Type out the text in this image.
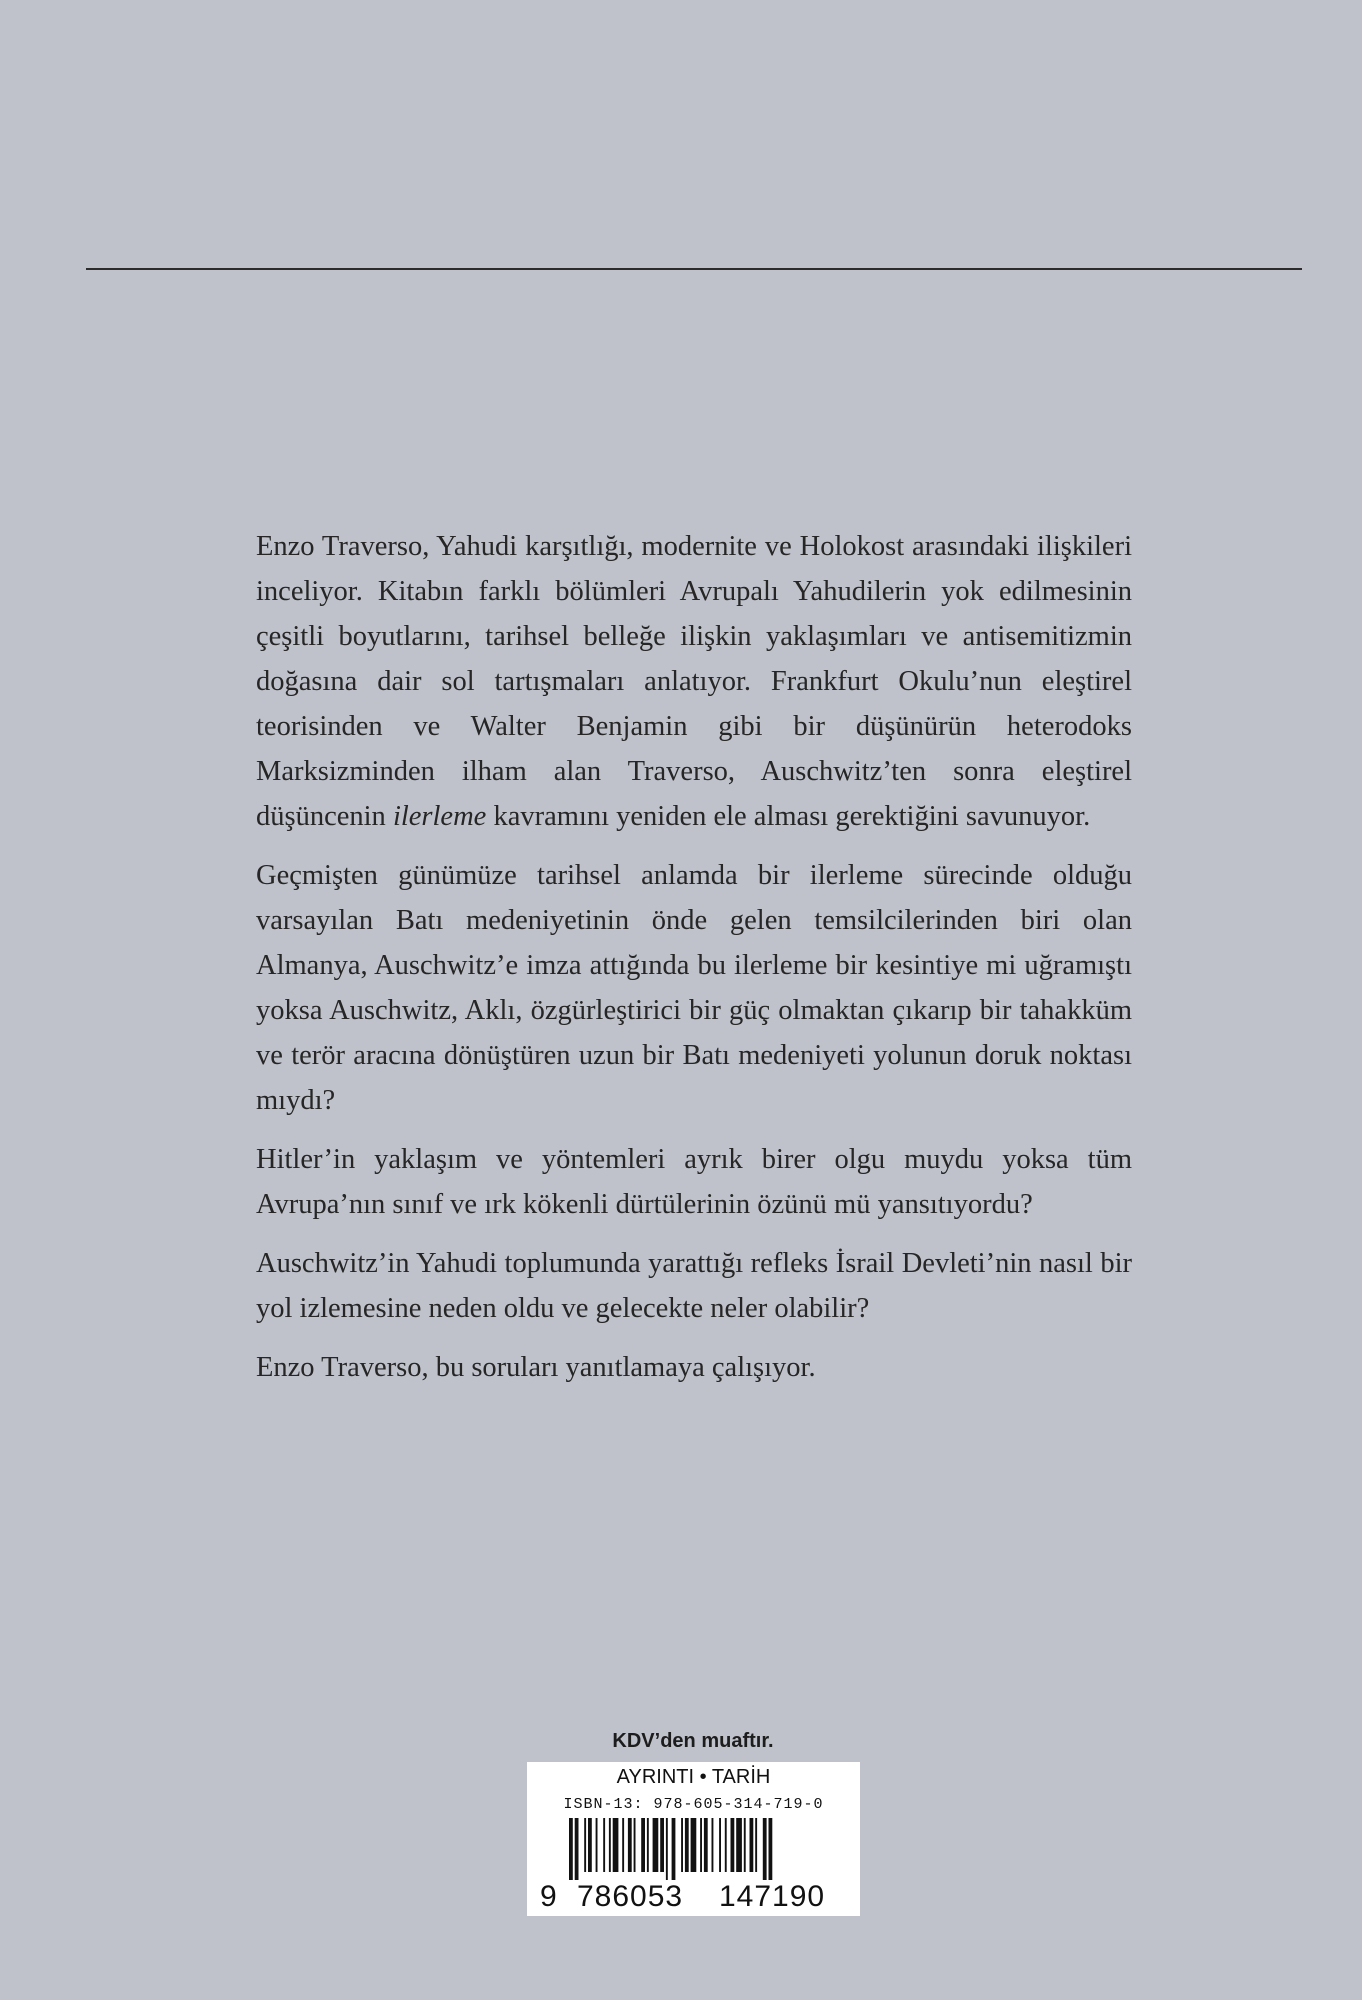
Enzo Traverso, Yahudi karşıtlığı, modernite ve Holokost arasındaki ilişkileri inceliyor. Kitabın farklı bölümleri Avrupalı Yahudilerin yok edilmesinin çeşitli boyutlarını, tarihsel belleğe ilişkin yaklaşımları ve antisemitizmin doğasına dair sol tartışmaları anlatıyor. Frankfurt Okulu’nun eleştirel teorisinden ve Walter Benjamin gibi bir düşünürün heterodoks Marksizminden ilham alan Traverso, Auschwitz’ten sonra eleştirel düşüncenin ilerleme kavramını yeniden ele alması gerektiğini savunuyor.

Geçmişten günümüze tarihsel anlamda bir ilerleme sürecinde olduğu varsayılan Batı medeniyetinin önde gelen temsilcilerinden biri olan Almanya, Auschwitz’e imza attığında bu ilerleme bir kesintiye mi uğramıştı yoksa Auschwitz, Aklı, özgürleştirici bir güç olmaktan çıkarıp bir tahakküm ve terör aracına dönüştüren uzun bir Batı medeniyeti yolunun doruk noktası mıydı?

Hitler’in yaklaşım ve yöntemleri ayrık birer olgu muydu yoksa tüm Avrupa’nın sınıf ve ırk kökenli dürtülerinin özünü mü yansıtıyordu?

Auschwitz’in Yahudi toplumunda yarattığı refleks İsrail Devleti’nin nasıl bir yol izlemesine neden oldu ve gelecekte neler olabilir?

Enzo Traverso, bu soruları yanıtlamaya çalışıyor.

KDV’den muaftır.
AYRINTI • TARİH
ISBN-13: 978-605-314-719-0
9 786053 147190
